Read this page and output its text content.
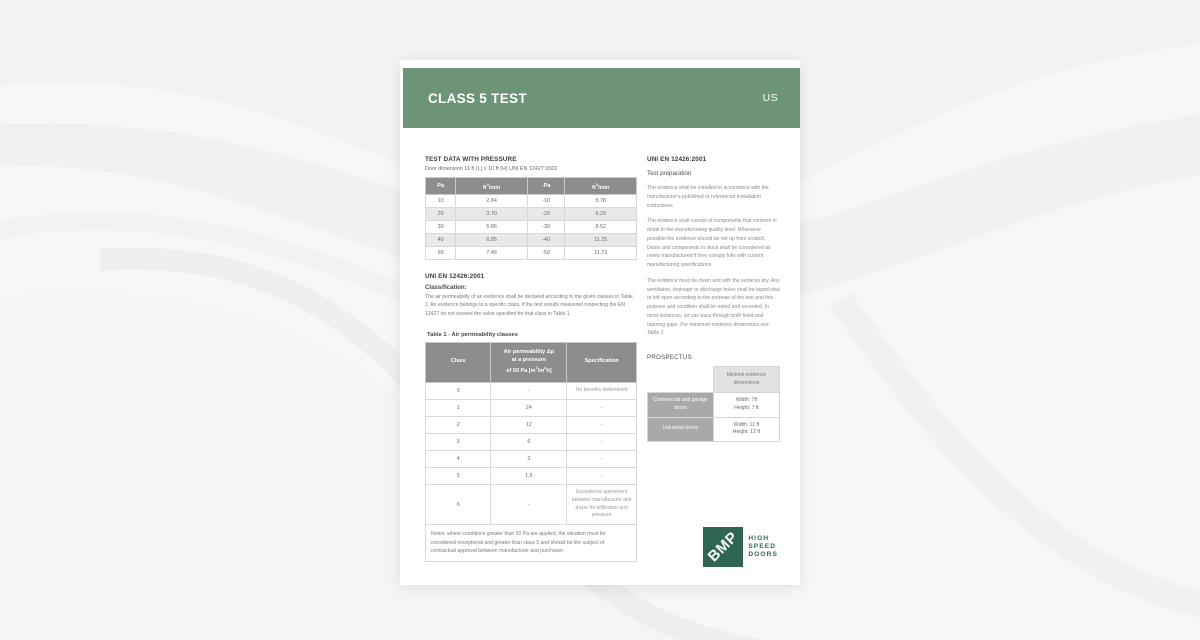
CLASS 5 TEST	US
TEST DATA WITH PRESSURE
Door dimension 11 ft (L) x 10 ft (H) UNI EN 12427:2002
Pa	$ft^3/\min$	-Pa	$ft^3/\min$
10	2.84	-10	5.78
20	3.70	-20	6.29
30	5.86	-30	8.52
40	6.85	-40	11.25
50	7.46	-50	11.72
UNI EN 12426:2001
Classification:
The air permeability of an evidence shall be declared according to the given classes in Table 1. An evidence belongs to a specific class, if the test results measured respecting the EN 12427 do not exceed the value specified for that class in Table 1
Table 1 - Air permeability classes
Class	Air permeability Δp
at a pressure
of 50 Pa $[m^3/m^2h]$	Specification
0	-	No benefits determined
1	24	-
2	12	-
3	6	-
4	3	-
5	1,5	-
6	-	Exceptional agreement between manufacturer and buyer for infiltration and pressure
Notes: where conditions greater than 50 Pa are applied, the situation must be considered exceptional and greater than class 5 and should be the subject of contractual approval between manufacturer and purchaser.		
UNI EN 12426:2001
Test preparation
The evidence shall be installed in accordance with the manufacturer's published or referenced installation instructions
The evidence shall consist of components that conform in detail to the manufacturing quality level. Whenever possible the evidence should be set up from scratch. Doors and components in stock shall be considered as newly manufactured if they comply fully with current manufacturing specifications
The evidence must be clean and with the surfaces dry. Any ventilation, drainage or discharge holes shall be taped shut or left open according to the purpose of the test and this purpose and condition shall be noted and recorded. In most instances, air can pass through both fixed and opening gaps. For minimum evidence dimensions see Table 1
PROSPECTUS
	Minimal evidence dimensions
Commercial and garage doors	Width: 7ft
Height: 7 ft
Industrial doors	Width: 11 ft
Height: 12 ft
BMP HIGH
SPEED
DOORS
